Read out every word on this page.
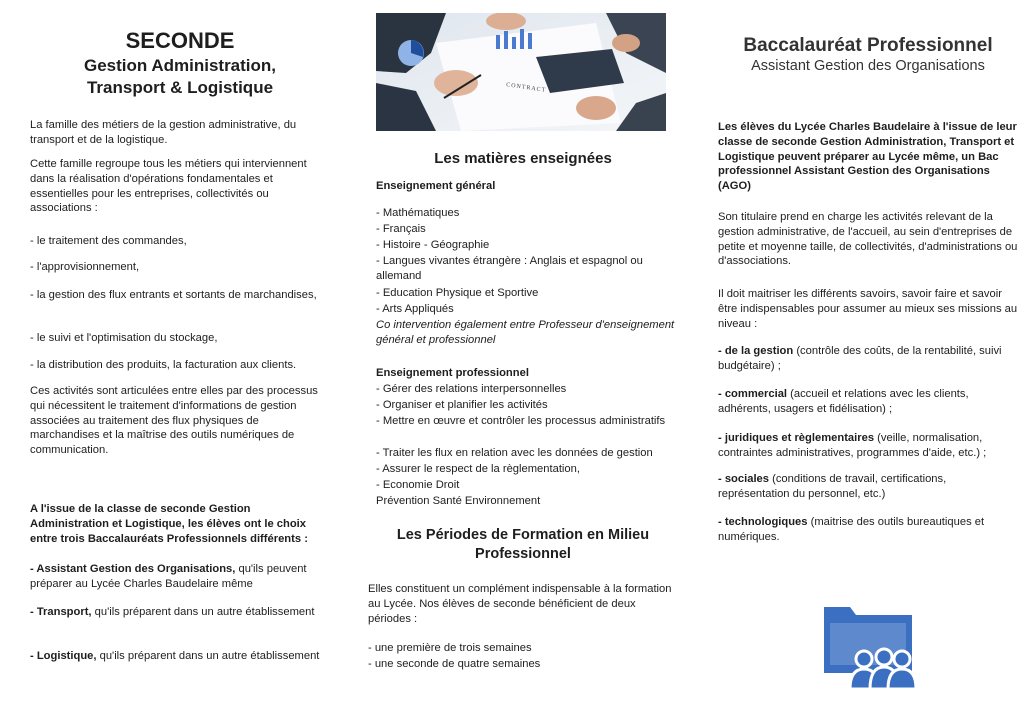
SECONDE
Gestion Administration,
Transport & Logistique

La famille des métiers de la gestion administrative, du transport et de la logistique.

Cette famille regroupe tous les métiers qui interviennent dans la réalisation d'opérations fondamentales et essentielles pour les entreprises, collectivités ou associations :

- le traitement des commandes,

- l'approvisionnement,

- la gestion des flux entrants et sortants de marchandises,

- le suivi et l'optimisation du stockage,

- la distribution des produits, la facturation aux clients.

Ces activités sont articulées entre elles par des processus qui nécessitent le traitement d'informations de gestion associées au traitement des flux physiques de marchandises et la maîtrise des outils numériques de communication.

A l'issue de la classe de seconde Gestion Administration et Logistique, les élèves ont le choix entre trois Baccalauréats Professionnels différents :

- Assistant Gestion des Organisations, qu'ils peuvent préparer au Lycée Charles Baudelaire même

- Transport, qu'ils préparent dans un autre établissement

- Logistique, qu'ils préparent dans un autre établissement

CONTRACT
Les matières enseignées

Enseignement général

- Mathématiques

- Français

- Histoire - Géographie

- Langues vivantes étrangère : Anglais et espagnol ou allemand

- Education Physique et Sportive

- Arts Appliqués

Co intervention également entre Professeur d'enseignement général et professionnel

Enseignement professionnel

- Gérer des relations interpersonnelles

- Organiser et planifier les activités

- Mettre en œuvre et contrôler les processus administratifs

- Traiter les flux en relation avec les données de gestion

- Assurer le respect de la règlementation,

- Economie Droit

Prévention Santé Environnement

Les Périodes de Formation en Milieu
Professionnel

Elles constituent un complément indispensable à la formation au Lycée. Nos élèves de seconde bénéficient de deux périodes :

- une première de trois semaines

- une seconde de quatre semaines

Baccalauréat Professionnel
Assistant Gestion des Organisations

Les élèves du Lycée Charles Baudelaire à l'issue de leur classe de seconde Gestion Administration, Transport et Logistique peuvent préparer au Lycée même, un Bac professionnel Assistant Gestion des Organisations (AGO)

Son titulaire prend en charge les activités relevant de la gestion administrative, de l'accueil, au sein d'entreprises de petite et moyenne taille, de collectivités, d'administrations ou d'associations.

Il doit maitriser les différents savoirs, savoir faire et savoir être indispensables pour assumer au mieux ses missions au niveau :

- de la gestion (contrôle des coûts, de la rentabilité, suivi budgétaire) ;

- commercial (accueil et relations avec les clients, adhérents, usagers et fidélisation) ;

- juridiques et règlementaires (veille, normalisation, contraintes administratives, programmes d'aide, etc.) ;

- sociales (conditions de travail, certifications, représentation du personnel, etc.)

- technologiques (maitrise des outils bureautiques et numériques.
